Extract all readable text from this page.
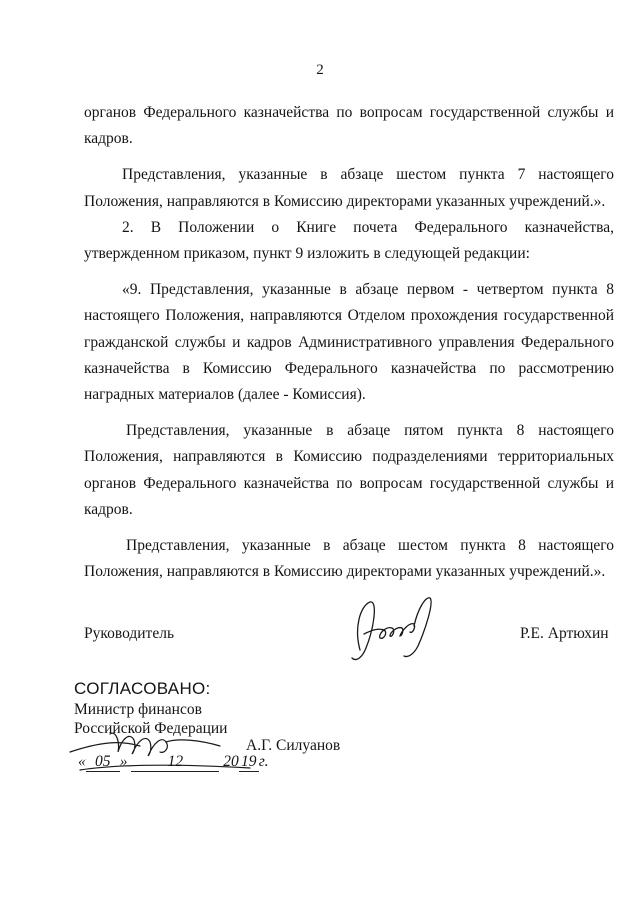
2

органов Федерального казначейства по вопросам государственной службы и кадров.

Представления, указанные в абзаце шестом пункта 7 настоящего Положения, направляются в Комиссию директорами указанных учреждений.».

2. В Положении о Книге почета Федерального казначейства, утвержденном приказом, пункт 9 изложить в следующей редакции:

«9. Представления, указанные в абзаце первом - четвертом пункта 8 настоящего Положения, направляются Отделом прохождения государственной гражданской службы и кадров Административного управления Федерального казначейства в Комиссию Федерального казначейства по рассмотрению наградных материалов (далее - Комиссия).

Представления, указанные в абзаце пятом пункта 8 настоящего Положения, направляются в Комиссию подразделениями территориальных органов Федерального казначейства по вопросам государственной службы и кадров.

Представления, указанные в абзаце шестом пункта 8 настоящего Положения, направляются в Комиссию директорами указанных учреждений.».

Руководитель	Р.Е. Артюхин
СОГЛАСОВАНО:
Министр финансов
Российской Федерации
А.Г. Силуанов
« 05 »	12	20 19 г.
